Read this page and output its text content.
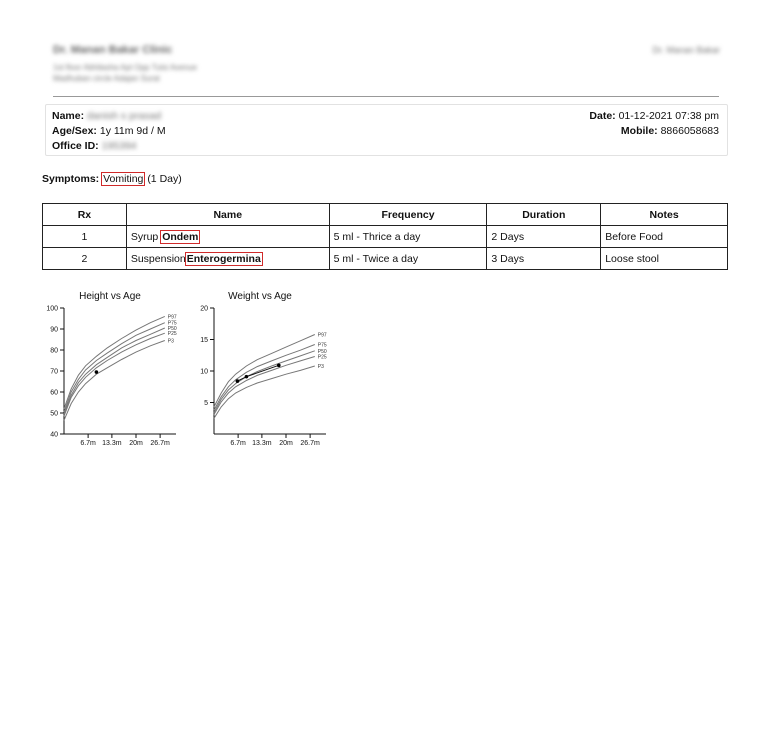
Dr. Manan Bakar Clinic
1st floor Abhilasha Apt Opp Tulsi Avenue
Madhuban circle Adajan Surat
Dr. Manan Bakar
Name: danish s prasad
Age/Sex: 1y 11m 9d / M
Office ID: 195394
Date: 01-12-2021 07:38 pm
Mobile: 8866058683
Symptoms: Vomiting (1 Day)
Rx	Name	Frequency	Duration	Notes
1	Syrup Ondem	5 ml - Thrice a day	2 Days	Before Food
2	SuspensionEnterogermina	5 ml - Twice a day	3 Days	Loose stool
Height vs Age
40
50
60
70
80
90
100
6.7m 13.3m 20m 26.7m
P97
P75
P50
P25
P3
Weight vs Age
5
10
15
20
6.7m 13.3m 20m 26.7m
P97
P75
P50
P25
P3
